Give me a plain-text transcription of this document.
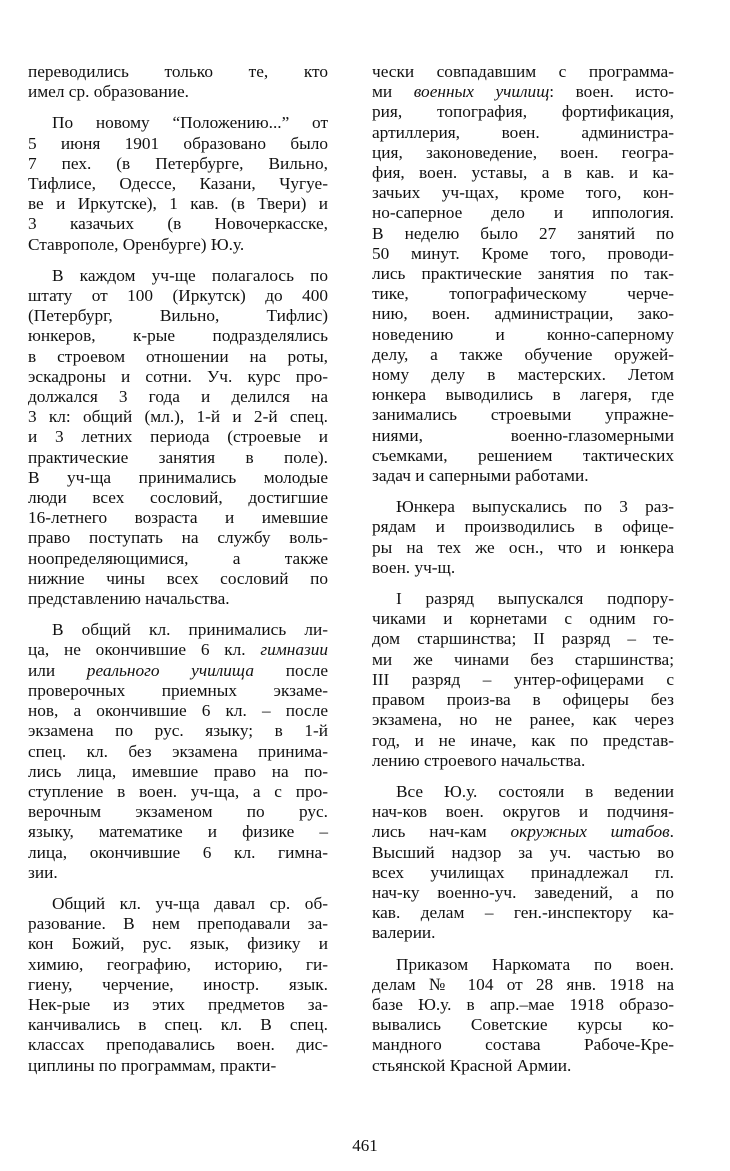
переводились только те, кто
имел ср. образование.
По новому “Положению...” от
5 июня 1901 образовано было
7 пех. (в Петербурге, Вильно,
Тифлисе, Одессе, Казани, Чугуе-
ве и Иркутске), 1 кав. (в Твери) и
3 казачьих (в Новочеркасске,
Ставрополе, Оренбурге) Ю.у.
В каждом уч-ще полагалось по
штату от 100 (Иркутск) до 400
(Петербург, Вильно, Тифлис)
юнкеров, к-рые подразделялись
в строевом отношении на роты,
эскадроны и сотни. Уч. курс про-
должался 3 года и делился на
3 кл: общий (мл.), 1-й и 2-й спец.
и 3 летних периода (строевые и
практические занятия в поле).
В уч-ща принимались молодые
люди всех сословий, достигшие
16-летнего возраста и имевшие
право поступать на службу воль-
ноопределяющимися, а также
нижние чины всех сословий по
представлению начальства.
В общий кл. принимались ли-
ца, не окончившие 6 кл. гимназии
или реального училища после
проверочных приемных экзаме-
нов, а окончившие 6 кл. – после
экзамена по рус. языку; в 1-й
спец. кл. без экзамена принима-
лись лица, имевшие право на по-
ступление в воен. уч-ща, а с про-
верочным экзаменом по рус.
языку, математике и физике –
лица, окончившие 6 кл. гимна-
зии.
Общий кл. уч-ща давал ср. об-
разование. В нем преподавали за-
кон Божий, рус. язык, физику и
химию, географию, историю, ги-
гиену, черчение, иностр. язык.
Нек-рые из этих предметов за-
канчивались в спец. кл. В спец.
классах преподавались воен. дис-
циплины по программам, практи-
чески совпадавшим с программа-
ми военных училищ: воен. исто-
рия, топография, фортификация,
артиллерия, воен. администра-
ция, законоведение, воен. геогра-
фия, воен. уставы, а в кав. и ка-
зачьих уч-щах, кроме того, кон-
но-саперное дело и иппология.
В неделю было 27 занятий по
50 минут. Кроме того, проводи-
лись практические занятия по так-
тике, топографическому черче-
нию, воен. администрации, зако-
новедению и конно-саперному
делу, а также обучение оружей-
ному делу в мастерских. Летом
юнкера выводились в лагеря, где
занимались строевыми упражне-
ниями, военно-глазомерными
съемками, решением тактических
задач и саперными работами.
Юнкера выпускались по 3 раз-
рядам и производились в офице-
ры на тех же осн., что и юнкера
воен. уч-щ.
I разряд выпускался подпору-
чиками и корнетами с одним го-
дом старшинства; II разряд – те-
ми же чинами без старшинства;
III разряд – унтер-офицерами с
правом произ-ва в офицеры без
экзамена, но не ранее, как через
год, и не иначе, как по представ-
лению строевого начальства.
Все Ю.у. состояли в ведении
нач-ков воен. округов и подчиня-
лись нач-кам окружных штабов.
Высший надзор за уч. частью во
всех училищах принадлежал гл.
нач-ку военно-уч. заведений, а по
кав. делам – ген.-инспектору ка-
валерии.
Приказом Наркомата по воен.
делам № 104 от 28 янв. 1918 на
базе Ю.у. в апр.–мае 1918 образо-
вывались Советские курсы ко-
мандного состава Рабоче-Кре-
стьянской Красной Армии.
461
